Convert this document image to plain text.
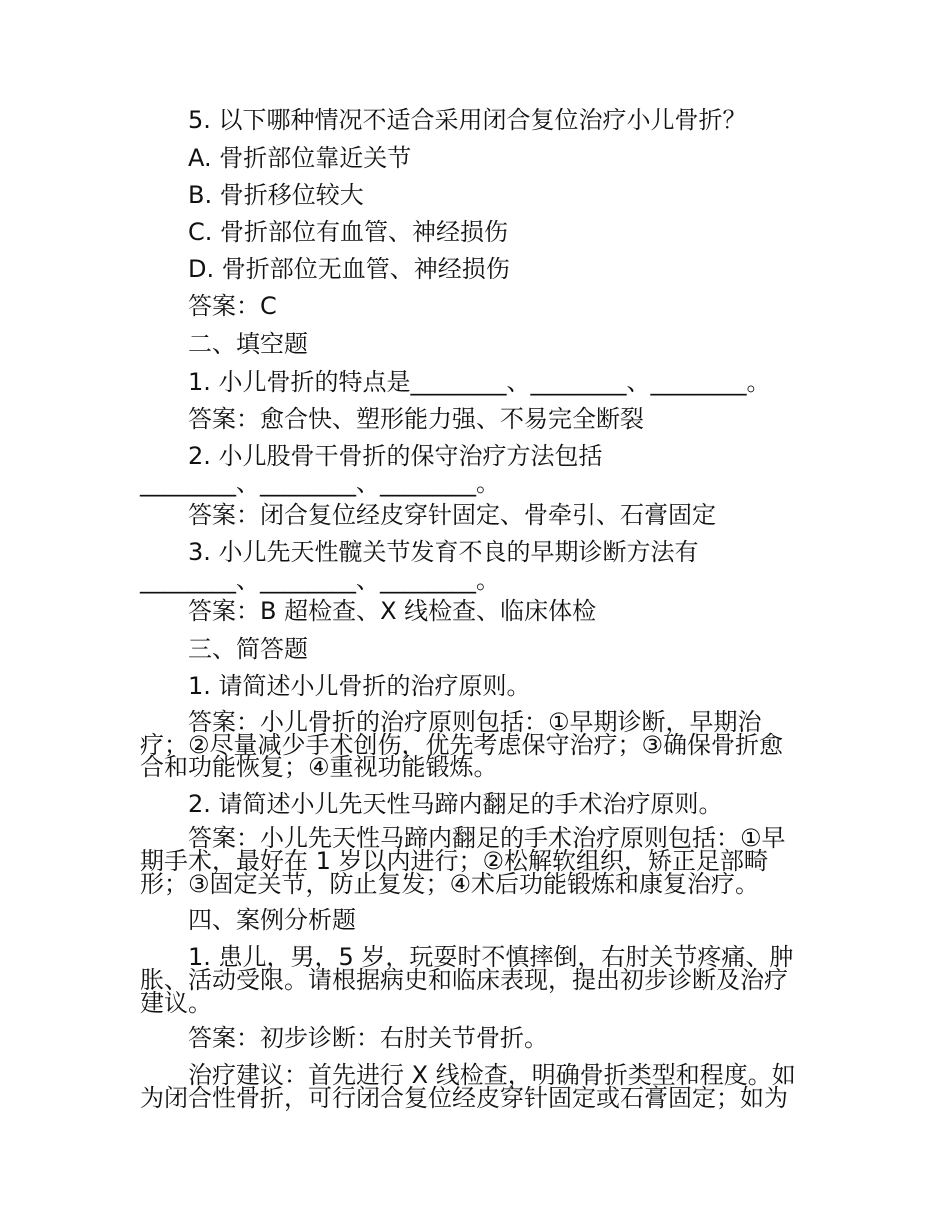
5. 以下哪种情况不适合采用闭合复位治疗小儿骨折？
A. 骨折部位靠近关节
B. 骨折移位较大
C. 骨折部位有血管、神经损伤
D. 骨折部位无血管、神经损伤
答案：C
二、填空题
1. 小儿骨折的特点是________、________、________。
答案：愈合快、塑形能力强、不易完全断裂
2. 小儿股骨干骨折的保守治疗方法包括
________、________、________。
答案：闭合复位经皮穿针固定、骨牵引、石膏固定
3. 小儿先天性髋关节发育不良的早期诊断方法有
________、________、________。
答案：B 超检查、X 线检查、临床体检
三、简答题
1. 请简述小儿骨折的治疗原则。
答案：小儿骨折的治疗原则包括：①早期诊断，早期治
疗；②尽量减少手术创伤，优先考虑保守治疗；③确保骨折愈
合和功能恢复；④重视功能锻炼。
2. 请简述小儿先天性马蹄内翻足的手术治疗原则。
答案：小儿先天性马蹄内翻足的手术治疗原则包括：①早
期手术，最好在 1 岁以内进行；②松解软组织，矫正足部畸
形；③固定关节，防止复发；④术后功能锻炼和康复治疗。
四、案例分析题
1. 患儿，男，5 岁，玩耍时不慎摔倒，右肘关节疼痛、肿
胀、活动受限。请根据病史和临床表现，提出初步诊断及治疗
建议。
答案：初步诊断：右肘关节骨折。
治疗建议：首先进行 X 线检查，明确骨折类型和程度。如
为闭合性骨折，可行闭合复位经皮穿针固定或石膏固定；如为
